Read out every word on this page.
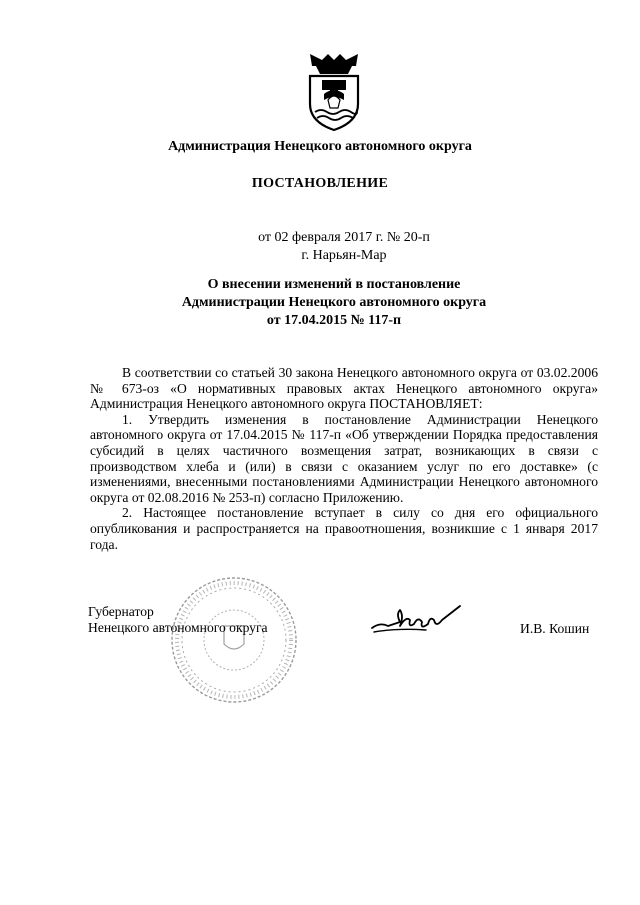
Администрация Ненецкого автономного округа
ПОСТАНОВЛЕНИЕ
от 02 февраля 2017 г. № 20-п
г. Нарьян-Мар
О внесении изменений в постановление
Администрации Ненецкого автономного округа
от 17.04.2015 № 117-п

В соответствии со статьей 30 закона Ненецкого автономного округа от 03.02.2006 № 673-оз «О нормативных правовых актах Ненецкого автономного округа» Администрация Ненецкого автономного округа ПОСТАНОВЛЯЕТ:

1. Утвердить изменения в постановление Администрации Ненецкого автономного округа от 17.04.2015 № 117-п «Об утверждении Порядка предоставления субсидий в целях частичного возмещения затрат, возникающих в связи с производством хлеба и (или) в связи с оказанием услуг по его доставке» (с изменениями, внесенными постановлениями Администрации Ненецкого автономного округа от 02.08.2016 № 253-п) согласно Приложению.

2. Настоящее постановление вступает в силу со дня его официального опубликования и распространяется на правоотношения, возникшие с 1 января 2017 года.

Губернатор
Ненецкого автономного округа	И.В. Кошин
